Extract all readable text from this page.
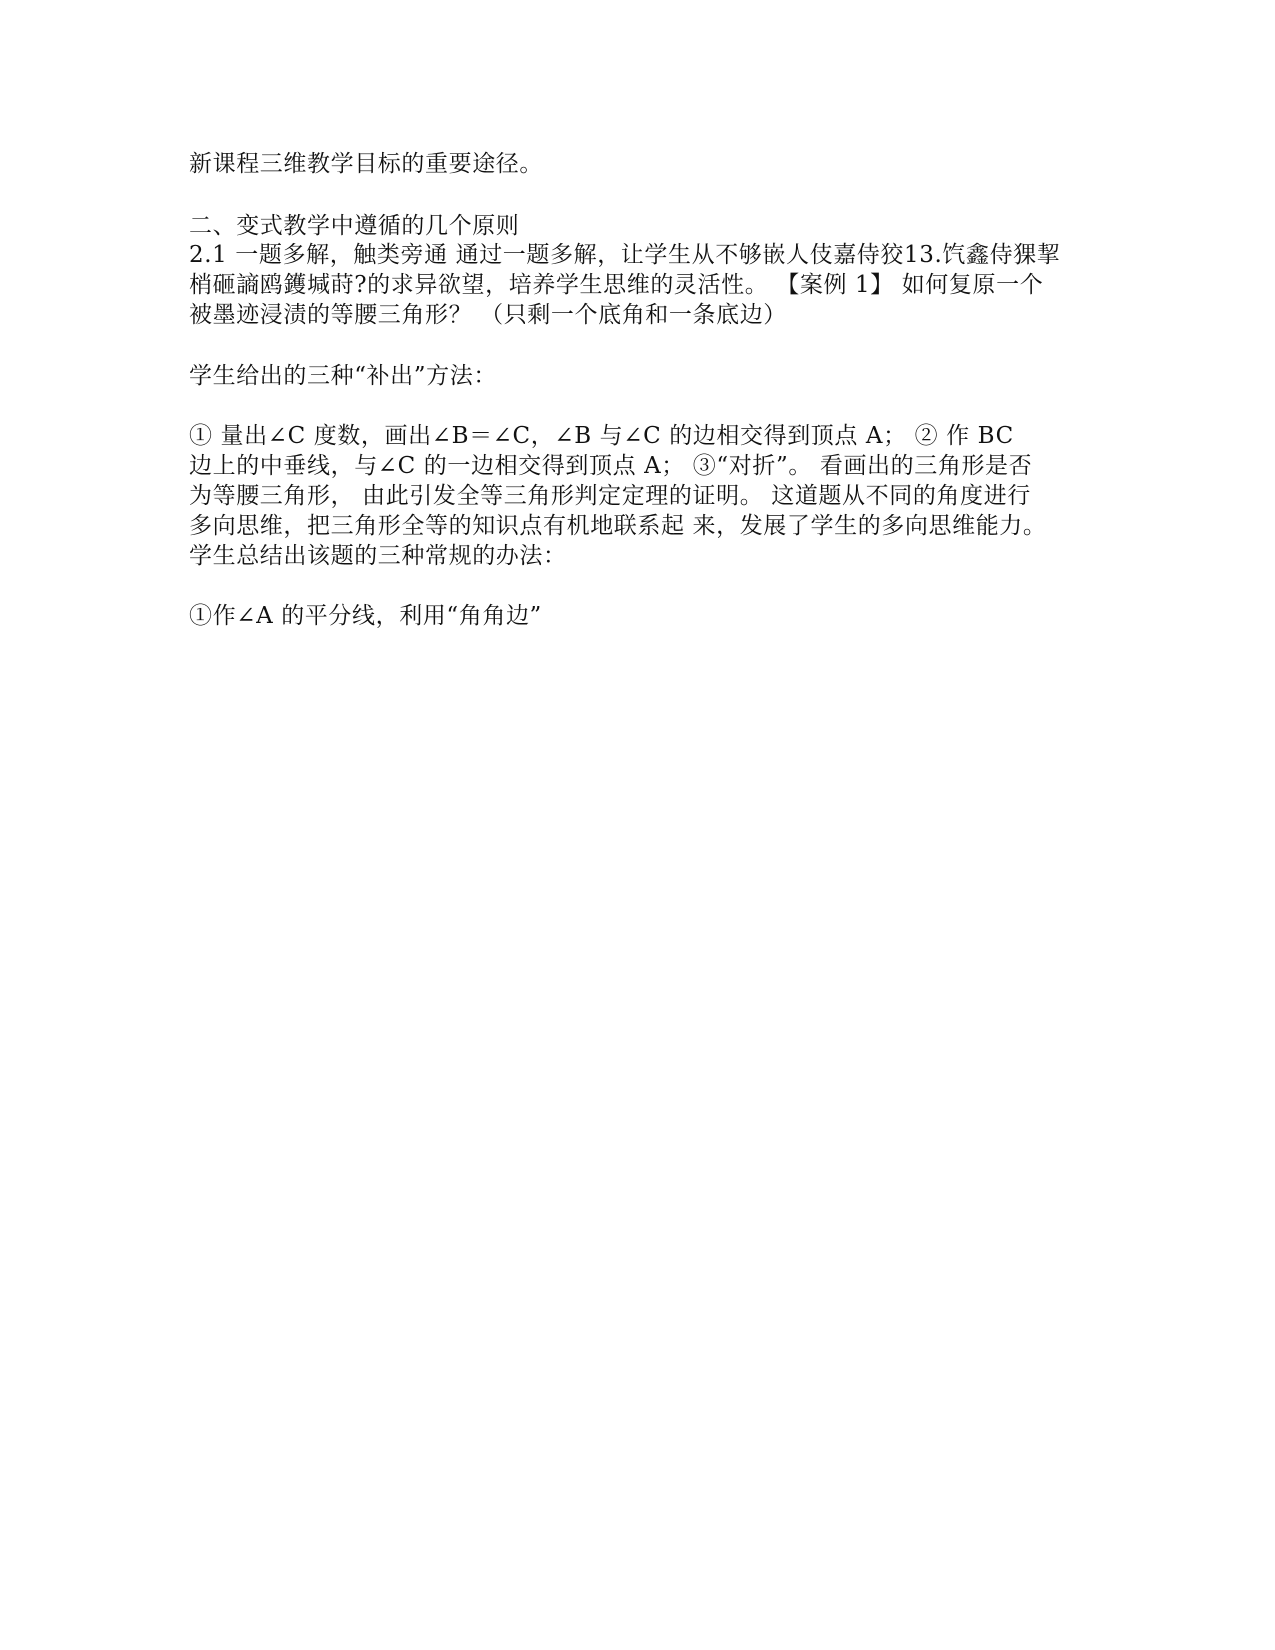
新课程三维教学目标的重要途径。
二、变式教学中遵循的几个原则
2.1 一题多解，触类旁通 通过一题多解，让学生从不够嵌人伎嘉侍狡13.饩鑫侍猓挈
梢砸謪鸥鑊堿莳?的求异欲望，培养学生思维的灵活性。 【案例 1】 如何复原一个
被墨迹浸渍的等腰三角形？ （只剩一个底角和一条底边）
学生给出的三种“补出”方法：
① 量出∠C 度数，画出∠B＝∠C，∠B 与∠C 的边相交得到顶点 A； ② 作 BC
边上的中垂线，与∠C 的一边相交得到顶点 A； ③“对折”。 看画出的三角形是否
为等腰三角形， 由此引发全等三角形判定定理的证明。 这道题从不同的角度进行
多向思维，把三角形全等的知识点有机地联系起 来，发展了学生的多向思维能力。
学生总结出该题的三种常规的办法：
①作∠A 的平分线，利用“角角边”
